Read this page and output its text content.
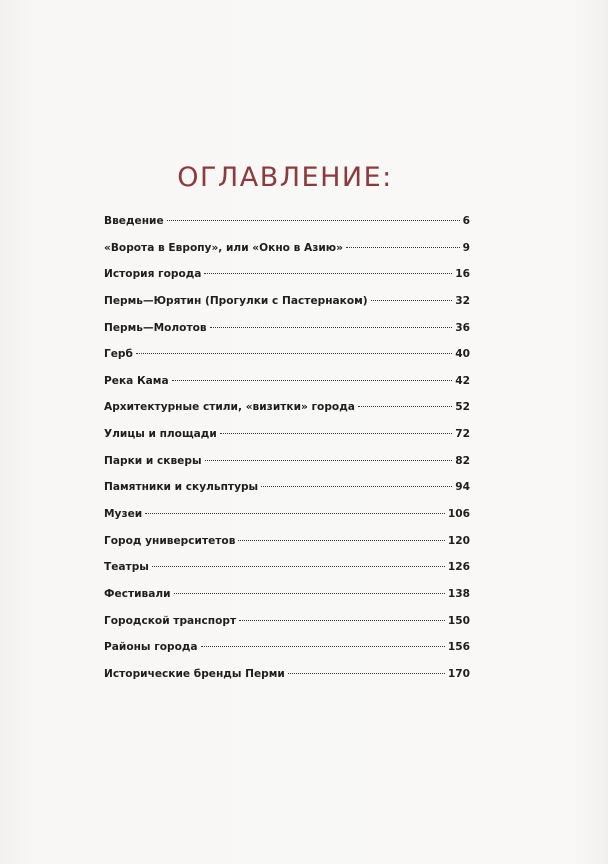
ОГЛАВЛЕНИЕ:
Введение	6
«Ворота в Европу», или «Окно в Азию»	9
История города	16
Пермь—Юрятин (Прогулки с Пастернаком)	32
Пермь—Молотов	36
Герб	40
Река Кама	42
Архитектурные стили, «визитки» города	52
Улицы и площади	72
Парки и скверы	82
Памятники и скульптуры	94
Музеи	106
Город университетов	120
Театры	126
Фестивали	138
Городской транспорт	150
Районы города	156
Исторические бренды Перми	170
